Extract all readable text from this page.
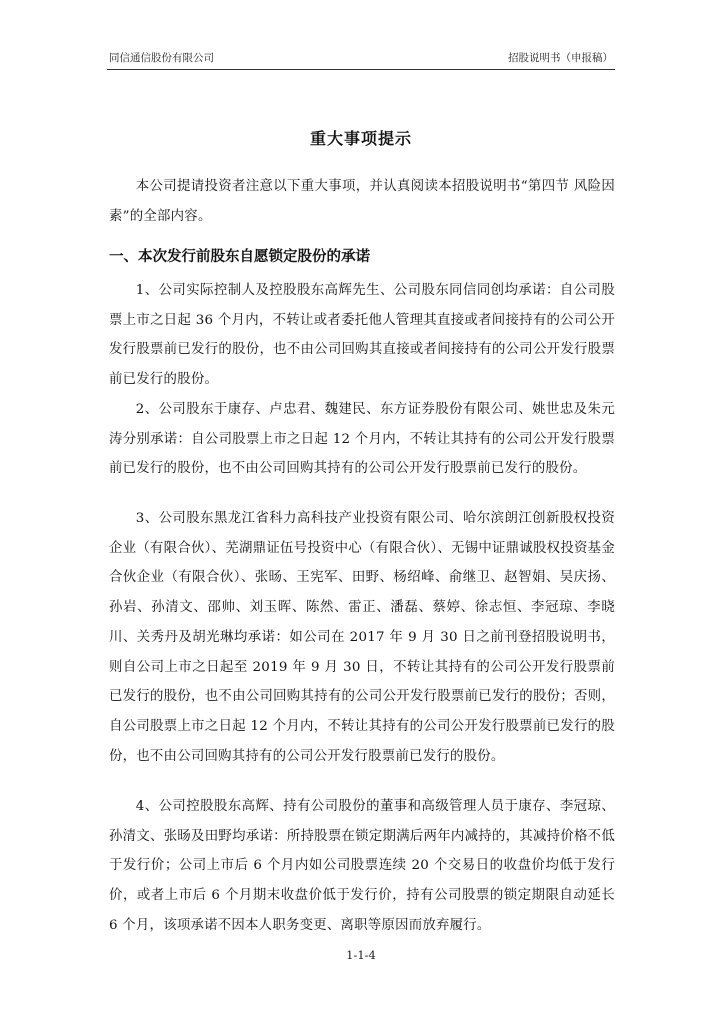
同信通信股份有限公司	招股说明书（申报稿）
重大事项提示

本公司提请投资者注意以下重大事项，并认真阅读本招股说明书“第四节 风险因素”的全部内容。

一、本次发行前股东自愿锁定股份的承诺

1、公司实际控制人及控股股东高辉先生、公司股东同信同创均承诺：自公司股票上市之日起 36 个月内，不转让或者委托他人管理其直接或者间接持有的公司公开发行股票前已发行的股份，也不由公司回购其直接或者间接持有的公司公开发行股票前已发行的股份。

2、公司股东于康存、卢忠君、魏建民、东方证券股份有限公司、姚世忠及朱元涛分别承诺：自公司股票上市之日起 12 个月内，不转让其持有的公司公开发行股票前已发行的股份，也不由公司回购其持有的公司公开发行股票前已发行的股份。

3、公司股东黑龙江省科力高科技产业投资有限公司、哈尔滨朗江创新股权投资企业（有限合伙）、芜湖鼎证伍号投资中心（有限合伙）、无锡中证鼎诚股权投资基金合伙企业（有限合伙）、张旸、王宪军、田野、杨绍峰、俞继卫、赵智娟、吴庆扬、孙岩、孙清文、邵帅、刘玉晖、陈然、雷正、潘磊、蔡婷、徐志恒、李冠琼、李晓川、关秀丹及胡光琳均承诺：如公司在 2017 年 9 月 30 日之前刊登招股说明书，则自公司上市之日起至 2019 年 9 月 30 日，不转让其持有的公司公开发行股票前已发行的股份，也不由公司回购其持有的公司公开发行股票前已发行的股份；否则，自公司股票上市之日起 12 个月内，不转让其持有的公司公开发行股票前已发行的股份，也不由公司回购其持有的公司公开发行股票前已发行的股份。

4、公司控股股东高辉、持有公司股份的董事和高级管理人员于康存、李冠琼、孙清文、张旸及田野均承诺：所持股票在锁定期满后两年内减持的，其减持价格不低于发行价；公司上市后 6 个月内如公司股票连续 20 个交易日的收盘价均低于发行价，或者上市后 6 个月期末收盘价低于发行价，持有公司股票的锁定期限自动延长 6 个月，该项承诺不因本人职务变更、离职等原因而放弃履行。

1-1-4
